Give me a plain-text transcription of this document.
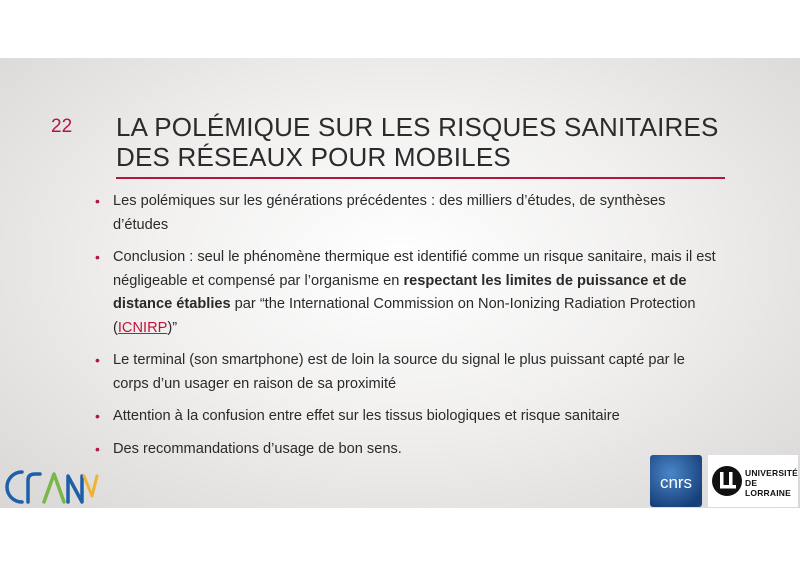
22 LA POLÉMIQUE SUR LES RISQUES SANITAIRES
DES RÉSEAUX POUR MOBILES
• Les polémiques sur les générations précédentes : des milliers d’études, de synthèses d’études
• Conclusion : seul le phénomène thermique est identifié comme un risque sanitaire, mais il est négligeable et compensé par l’organisme en respectant les limites de puissance et de distance établies par “the International Commission on Non-Ionizing Radiation Protection (ICNIRP)”
• Le terminal (son smartphone) est de loin la source du signal le plus puissant capté par le corps d’un usager en raison de sa proximité
• Attention à la confusion entre effet sur les tissus biologiques et risque sanitaire
• Des recommandations d’usage de bon sens.
cnrs	UNIVERSITÉ
DE LORRAINE
